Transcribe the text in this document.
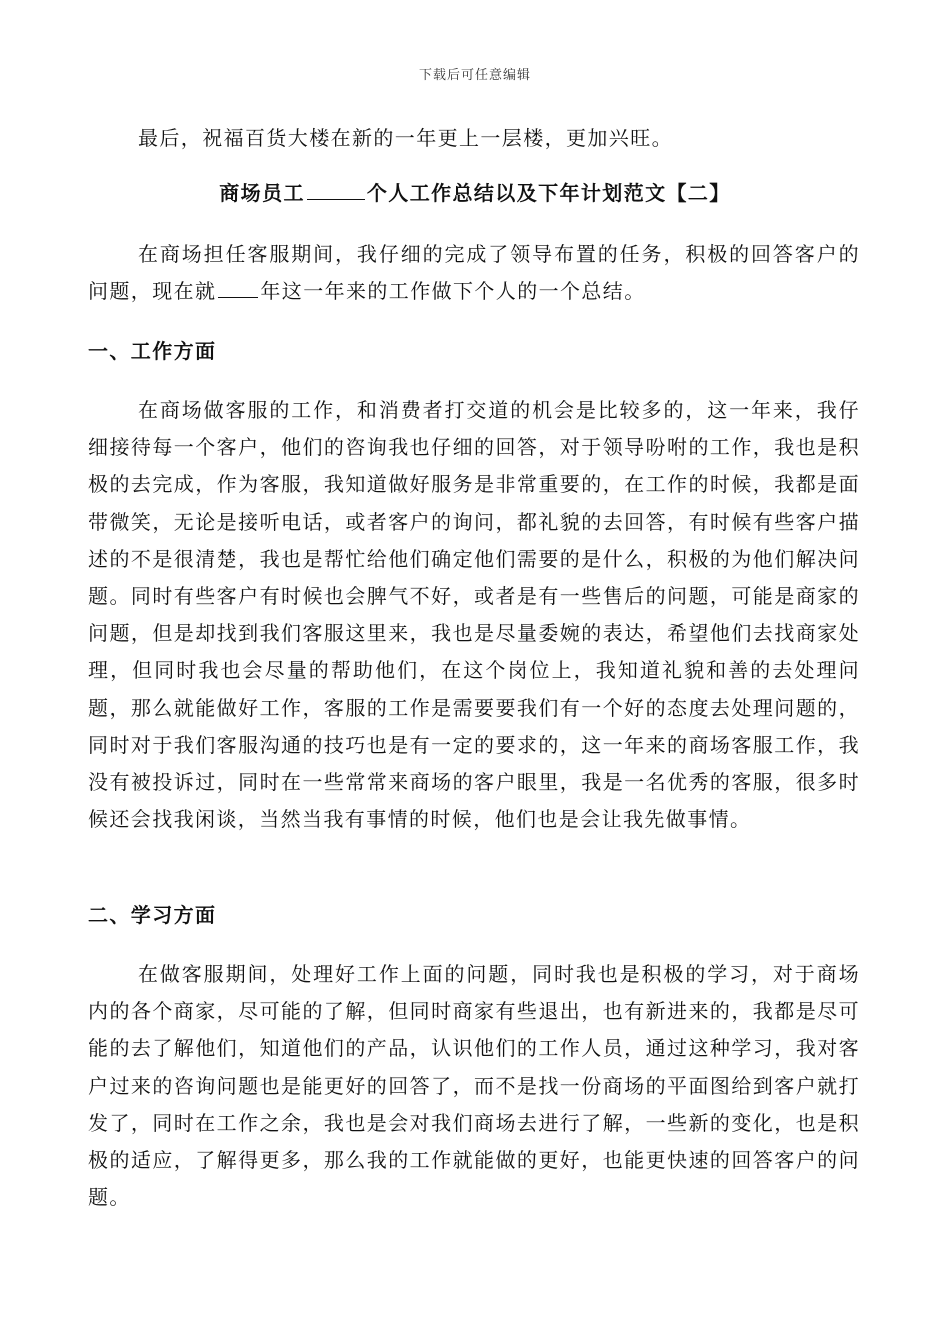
下载后可任意编辑

最后，祝福百货大楼在新的一年更上一层楼，更加兴旺。

商场员工	个人工作总结以及下年计划范文【二】

在商场担任客服期间，我仔细的完成了领导布置的任务，积极的回答客户的问题，现在就 年这一年来的工作做下个人的一个总结。

一、工作方面

在商场做客服的工作，和消费者打交道的机会是比较多的，这一年来，我仔细接待每一个客户，他们的咨询我也仔细的回答，对于领导吩咐的工作，我也是积极的去完成，作为客服，我知道做好服务是非常重要的，在工作的时候，我都是面带微笑，无论是接听电话，或者客户的询问，都礼貌的去回答，有时候有些客户描述的不是很清楚，我也是帮忙给他们确定他们需要的是什么，积极的为他们解决问题。同时有些客户有时候也会脾气不好，或者是有一些售后的问题，可能是商家的问题，但是却找到我们客服这里来，我也是尽量委婉的表达，希望他们去找商家处理，但同时我也会尽量的帮助他们，在这个岗位上，我知道礼貌和善的去处理问题，那么就能做好工作，客服的工作是需要要我们有一个好的态度去处理问题的，同时对于我们客服沟通的技巧也是有一定的要求的，这一年来的商场客服工作，我没有被投诉过，同时在一些常常来商场的客户眼里，我是一名优秀的客服，很多时候还会找我闲谈，当然当我有事情的时候，他们也是会让我先做事情。

二、学习方面

在做客服期间，处理好工作上面的问题，同时我也是积极的学习，对于商场内的各个商家，尽可能的了解，但同时商家有些退出，也有新进来的，我都是尽可能的去了解他们，知道他们的产品，认识他们的工作人员，通过这种学习，我对客户过来的咨询问题也是能更好的回答了，而不是找一份商场的平面图给到客户就打发了，同时在工作之余，我也是会对我们商场去进行了解，一些新的变化，也是积极的适应，了解得更多，那么我的工作就能做的更好，也能更快速的回答客户的问题。
